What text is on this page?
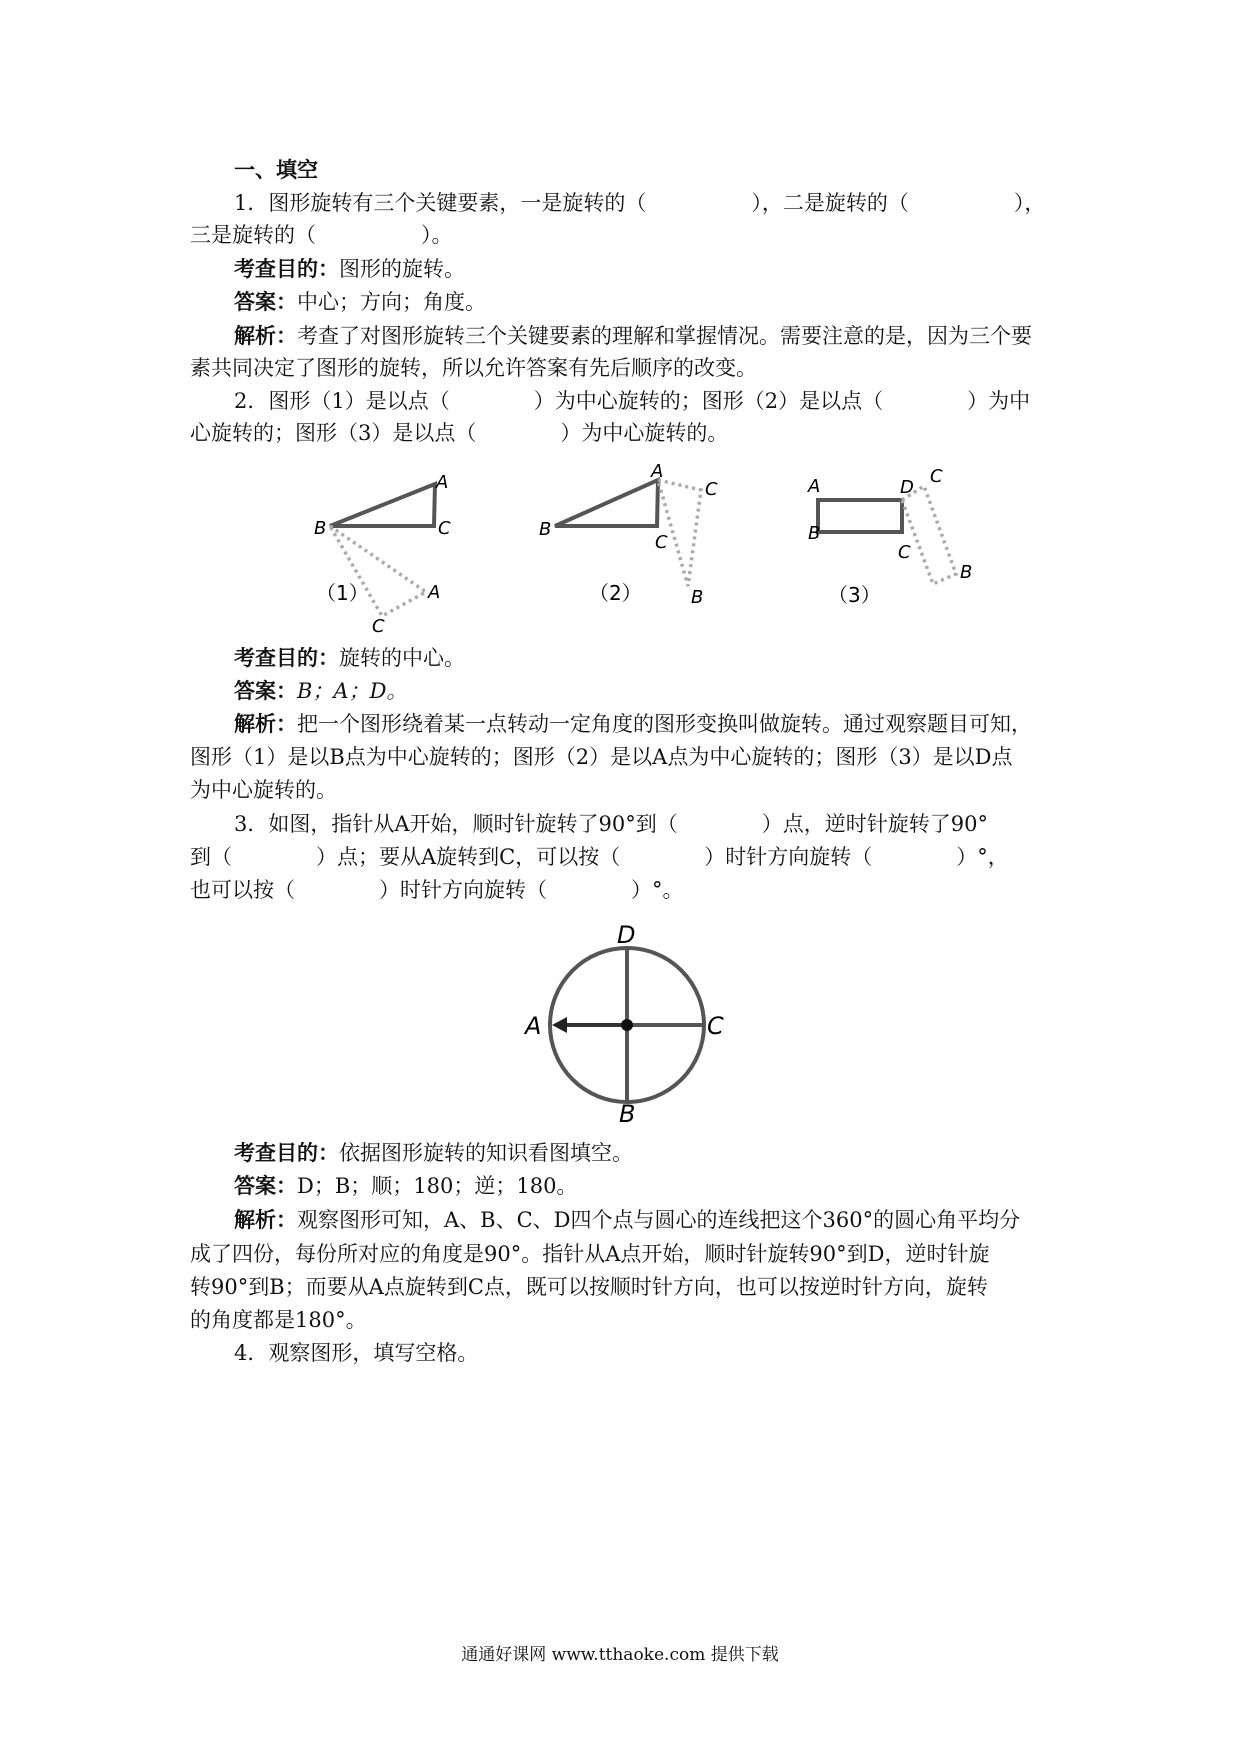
一、填空
1．图形旋转有三个关键要素，一是旋转的（　　　　　），二是旋转的（　　　　　），
三是旋转的（　　　　　）。
考查目的：图形的旋转。
答案：中心；方向；角度。
解析：考查了对图形旋转三个关键要素的理解和掌握情况。需要注意的是，因为三个要
素共同决定了图形的旋转，所以允许答案有先后顺序的改变。
2．图形（1）是以点（　　　　）为中心旋转的；图形（2）是以点（　　　　）为中
心旋转的；图形（3）是以点（　　　　）为中心旋转的。
A
B	C
A
C
（1）
A
B
C
C
B
（2）
A
B
C
D
C
B
（3）
考查目的：旋转的中心。
答案：B；A；D。
解析：把一个图形绕着某一点转动一定角度的图形变换叫做旋转。通过观察题目可知，
图形（1）是以B点为中心旋转的；图形（2）是以A点为中心旋转的；图形（3）是以D点
为中心旋转的。
3．如图，指针从A开始，顺时针旋转了90°到（　　　　）点，逆时针旋转了90°
到（　　　　）点；要从A旋转到C，可以按（　　　　）时针方向旋转（　　　　）°，
也可以按（　　　　）时针方向旋转（　　　　）°。
D
A	C
B
考查目的：依据图形旋转的知识看图填空。
答案：D；B；顺；180；逆；180。
解析：观察图形可知，A、B、C、D四个点与圆心的连线把这个360°的圆心角平均分
成了四份，每份所对应的角度是90°。指针从A点开始，顺时针旋转90°到D，逆时针旋
转90°到B；而要从A点旋转到C点，既可以按顺时针方向，也可以按逆时针方向，旋转
的角度都是180°。
4．观察图形，填写空格。
通通好课网 www.tthaoke.com 提供下载
